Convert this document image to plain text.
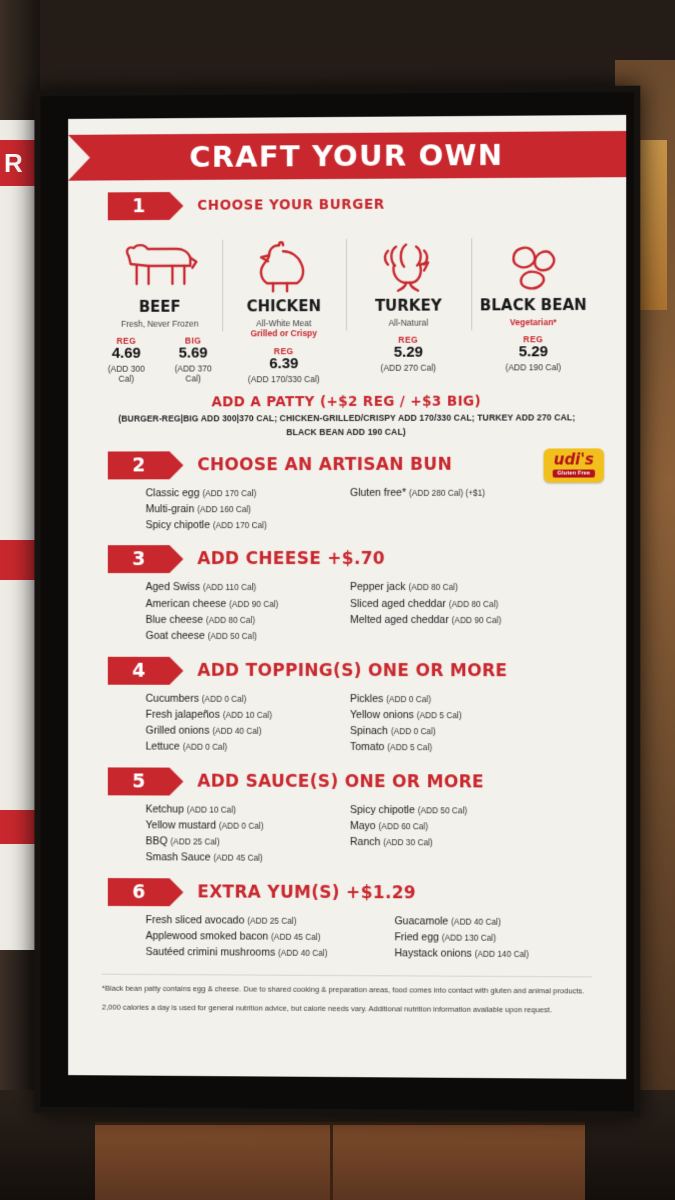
R	CRAFT YOUR OWN
1	CHOOSE YOUR BURGER
BEEF
Fresh, Never Frozen
REG
4.69
(ADD 300 Cal)
BIG
5.69
(ADD 370 Cal)
CHICKEN
All-White Meat
Grilled or Crispy
REG
6.39
(ADD 170/330 Cal)
TURKEY
All-Natural
REG
5.29
(ADD 270 Cal)
BLACK BEAN
Vegetarian*
REG
5.29
(ADD 190 Cal)
ADD A PATTY (+$2 REG / +$3 BIG)
(BURGER-REG|BIG ADD 300|370 CAL; CHICKEN-GRILLED/CRISPY ADD 170/330 CAL; TURKEY ADD 270 CAL;
BLACK BEAN ADD 190 CAL)
2	CHOOSE AN ARTISAN BUN	udi's
Gluten Free
Classic egg (ADD 170 Cal)
Multi-grain (ADD 160 Cal)
Spicy chipotle (ADD 170 Cal)
Gluten free* (ADD 280 Cal) (+$1)
3	ADD CHEESE +$.70
Aged Swiss (ADD 110 Cal)
American cheese (ADD 90 Cal)
Blue cheese (ADD 80 Cal)
Goat cheese (ADD 50 Cal)
Pepper jack (ADD 80 Cal)
Sliced aged cheddar (ADD 80 Cal)
Melted aged cheddar (ADD 90 Cal)
4	ADD TOPPING(S) ONE OR MORE
Cucumbers (ADD 0 Cal)
Fresh jalapeños (ADD 10 Cal)
Grilled onions (ADD 40 Cal)
Lettuce (ADD 0 Cal)
Pickles (ADD 0 Cal)
Yellow onions (ADD 5 Cal)
Spinach (ADD 0 Cal)
Tomato (ADD 5 Cal)
5	ADD SAUCE(S) ONE OR MORE
Ketchup (ADD 10 Cal)
Yellow mustard (ADD 0 Cal)
BBQ (ADD 25 Cal)
Smash Sauce (ADD 45 Cal)
Spicy chipotle (ADD 50 Cal)
Mayo (ADD 60 Cal)
Ranch (ADD 30 Cal)
6	EXTRA YUM(S) +$1.29
Fresh sliced avocado (ADD 25 Cal)
Applewood smoked bacon (ADD 45 Cal)
Sautéed crimini mushrooms (ADD 40 Cal)
Guacamole (ADD 40 Cal)
Fried egg (ADD 130 Cal)
Haystack onions (ADD 140 Cal)
*Black bean patty contains egg & cheese. Due to shared cooking & preparation areas, food comes into contact with gluten and animal products.
2,000 calories a day is used for general nutrition advice, but calorie needs vary. Additional nutrition information available upon request.
